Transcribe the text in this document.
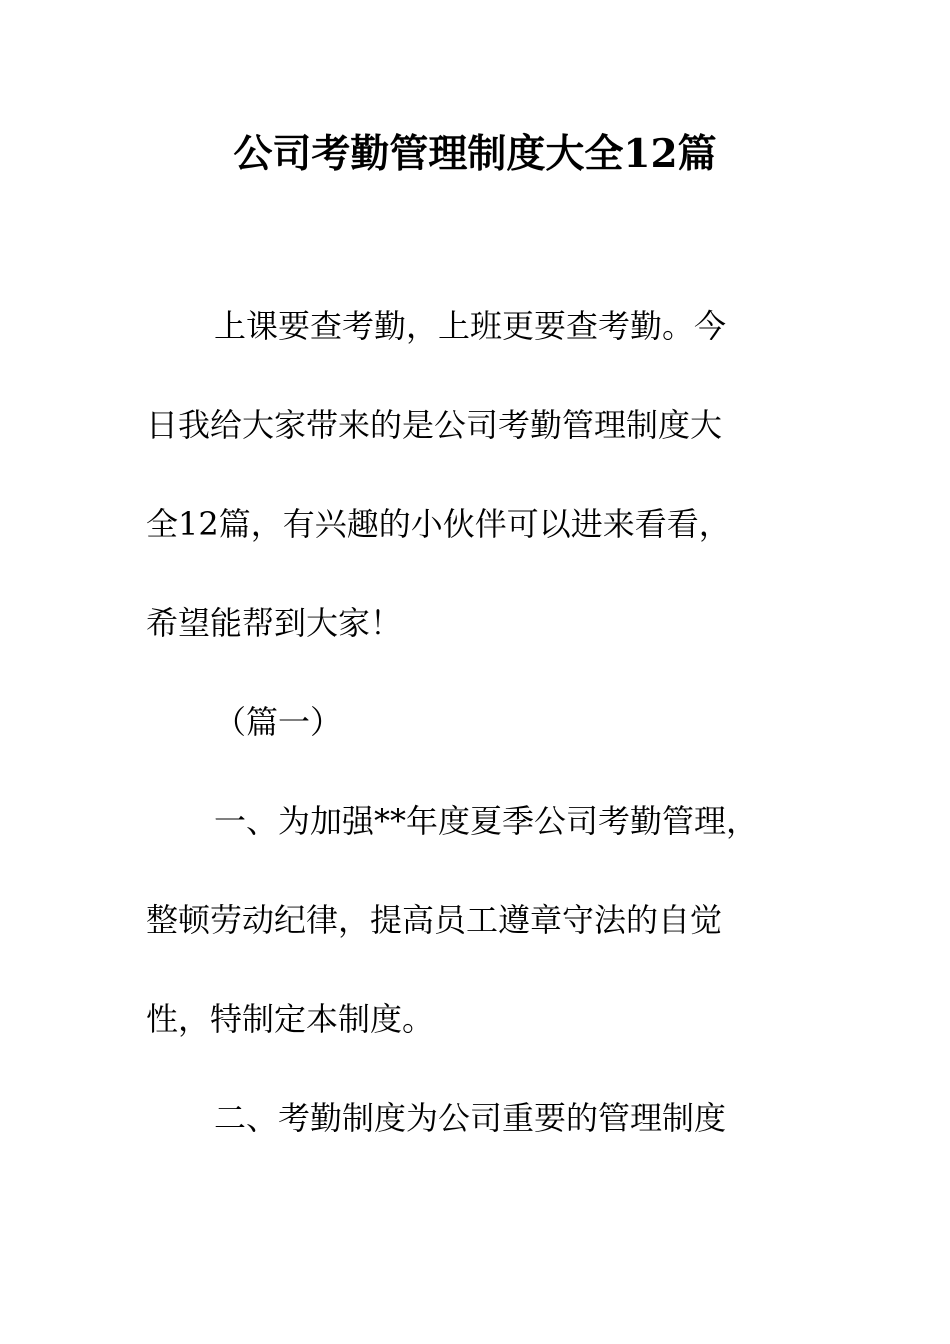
公司考勤管理制度大全12篇
上课要查考勤，上班更要查考勤。今
日我给大家带来的是公司考勤管理制度大
全12篇，有兴趣的小伙伴可以进来看看，
希望能帮到大家！
（篇一）
一、为加强**年度夏季公司考勤管理，
整顿劳动纪律，提高员工遵章守法的自觉
性，特制定本制度。
二、考勤制度为公司重要的管理制度
